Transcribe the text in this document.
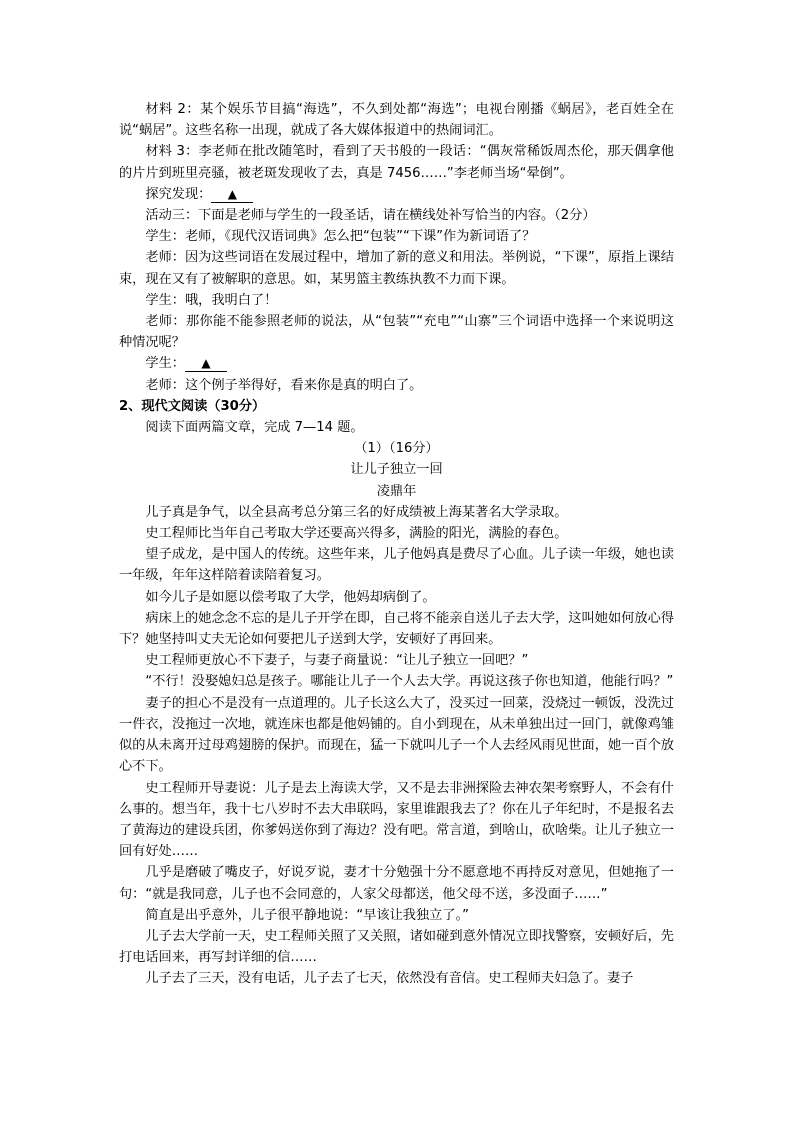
材料 2：某个娱乐节目搞“海选”，不久到处都“海选”；电视台刚播《蜗居》，老百姓全在说“蜗居”。这些名称一出现，就成了各大媒体报道中的热闹词汇。

材料 3：李老师在批改随笔时，看到了天书般的一段话：“偶灰常稀饭周杰伦，那天偶拿他的片片到班里亮骚，被老斑发现收了去，真是 7456……”李老师当场“晕倒”。

探究发现： ▲

活动三：下面是老师与学生的一段圣话，请在横线处补写恰当的内容。（2分）

学生：老师，《现代汉语词典》怎么把“包装”“下课”作为新词语了？

老师：因为这些词语在发展过程中，增加了新的意义和用法。举例说，“下课”，原指上课结束，现在又有了被解职的意思。如，某男篮主教练执教不力而下课。

学生：哦，我明白了！

老师：那你能不能参照老师的说法，从“包装”“充电”“山寨”三个词语中选择一个来说明这种情况呢？

学生： ▲

老师：这个例子举得好，看来你是真的明白了。

2、现代文阅读（30分）

阅读下面两篇文章，完成 7—14 题。

（1）（16分）

让儿子独立一回

凌鼎年

儿子真是争气，以全县高考总分第三名的好成绩被上海某著名大学录取。

史工程师比当年自己考取大学还要高兴得多，满脸的阳光，满脸的春色。

望子成龙，是中国人的传统。这些年来，儿子他妈真是费尽了心血。儿子读一年级，她也读一年级，年年这样陪着读陪着复习。

如今儿子是如愿以偿考取了大学，他妈却病倒了。

病床上的她念念不忘的是儿子开学在即，自己将不能亲自送儿子去大学，这叫她如何放心得下？她坚持叫丈夫无论如何要把儿子送到大学，安顿好了再回来。

史工程师更放心不下妻子，与妻子商量说：“让儿子独立一回吧？”

“不行！没娶媳妇总是孩子。哪能让儿子一个人去大学。再说这孩子你也知道，他能行吗？”

妻子的担心不是没有一点道理的。儿子长这么大了，没买过一回菜，没烧过一顿饭，没洗过一件衣，没拖过一次地，就连床也都是他妈铺的。自小到现在，从未单独出过一回门，就像鸡雏似的从未离开过母鸡翅膀的保护。而现在，猛一下就叫儿子一个人去经风雨见世面，她一百个放心不下。

史工程师开导妻说：儿子是去上海读大学，又不是去非洲探险去神农架考察野人，不会有什么事的。想当年，我十七八岁时不去大串联吗，家里谁跟我去了？你在儿子年纪时，不是报名去了黄海边的建设兵团，你爹妈送你到了海边？没有吧。常言道，到啥山，砍啥柴。让儿子独立一回有好处……

几乎是磨破了嘴皮子，好说歹说，妻才十分勉强十分不愿意地不再持反对意见，但她拖了一句：“就是我同意，儿子也不会同意的，人家父母都送，他父母不送，多没面子……”

简直是出乎意外，儿子很平静地说：“早该让我独立了。”

儿子去大学前一天，史工程师关照了又关照，诸如碰到意外情况立即找警察，安顿好后，先打电话回来，再写封详细的信……

儿子去了三天，没有电话，儿子去了七天，依然没有音信。史工程师夫妇急了。妻子
